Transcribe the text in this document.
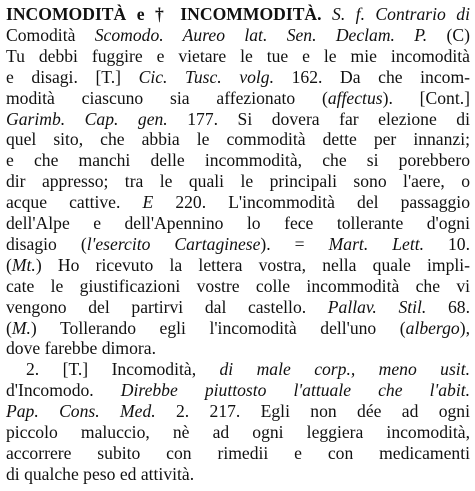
INCOMODITÀ e † INCOMMODITÀ. S. f. Contrario di
Comodità Scomodo. Aureo lat. Sen. Declam. P. (C)
Tu debbi fuggire e vietare le tue e le mie incomodità
e disagi. [T.] Cic. Tusc. volg. 162. Da che incom-
modità ciascuno sia affezionato (affectus). [Cont.]
Garimb. Cap. gen. 177. Si dovera far elezione di
quel sito, che abbia le commodità dette per innanzi;
e che manchi delle incommodità, che si porebbero
dir appresso; tra le quali le principali sono l'aere, o
acque cattive. E 220. L'incommodità del passaggio
dell'Alpe e dell'Apennino lo fece tollerante d'ogni
disagio (l'esercito Cartaginese). = Mart. Lett. 10.
(Mt.) Ho ricevuto la lettera vostra, nella quale impli-
cate le giustificazioni vostre colle incommodità che vi
vengono del partirvi dal castello. Pallav. Stil. 68.
(M.) Tollerando egli l'incomodità dell'uno (albergo),
dove farebbe dimora.
2. [T.] Incomodità, di male corp., meno usit.
d'Incomodo. Direbbe piuttosto l'attuale che l'abit.
Pap. Cons. Med. 2. 217. Egli non dée ad ogni
piccolo maluccio, nè ad ogni leggiera incomodità,
accorrere subito con rimedii e con medicamenti
di qualche peso ed attività.
